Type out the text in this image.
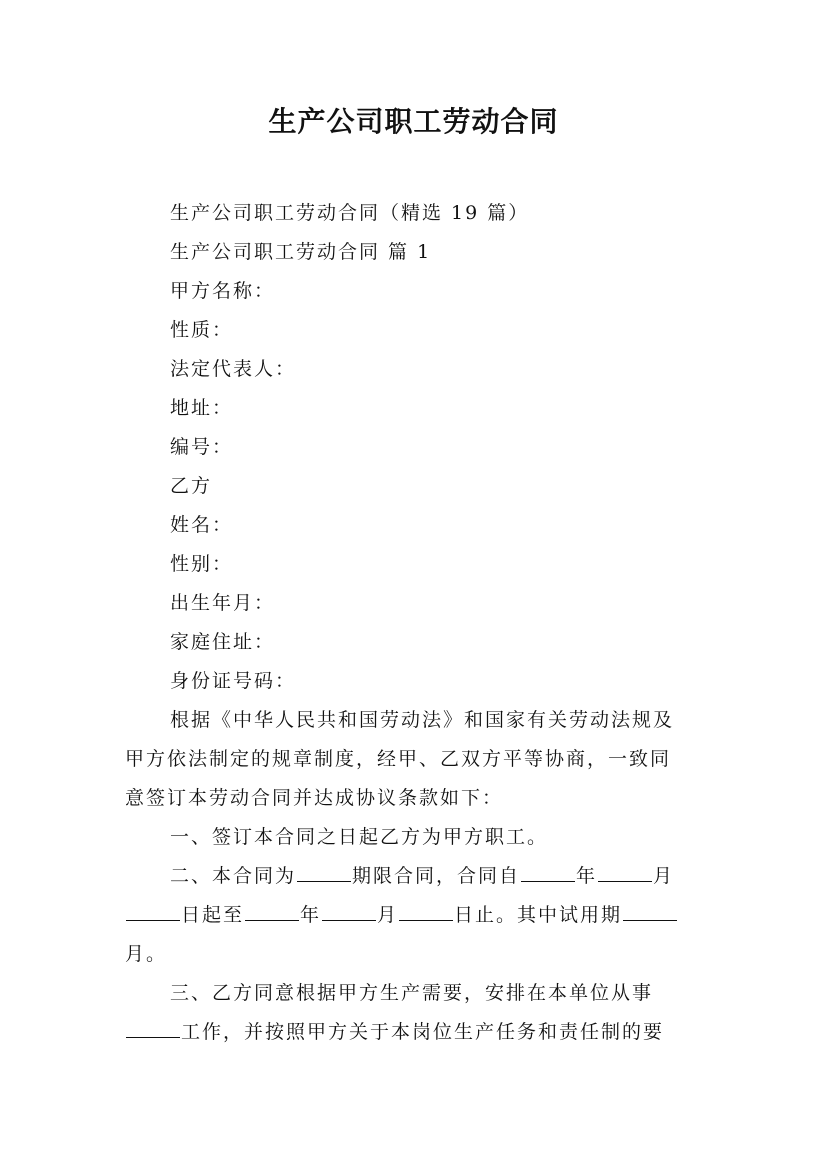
生产公司职工劳动合同
生产公司职工劳动合同（精选 19 篇）
生产公司职工劳动合同 篇 1
甲方名称：
性质：
法定代表人：
地址：
编号：
乙方
姓名：
性别：
出生年月：
家庭住址：
身份证号码：
根据《中华人民共和国劳动法》和国家有关劳动法规及
甲方依法制定的规章制度，经甲、乙双方平等协商，一致同
意签订本劳动合同并达成协议条款如下：
一、签订本合同之日起乙方为甲方职工。
二、本合同为	期限合同，合同自	年	月
日起至	年	月	日止。其中试用期
月。
三、乙方同意根据甲方生产需要，安排在本单位从事
工作，并按照甲方关于本岗位生产任务和责任制的要
